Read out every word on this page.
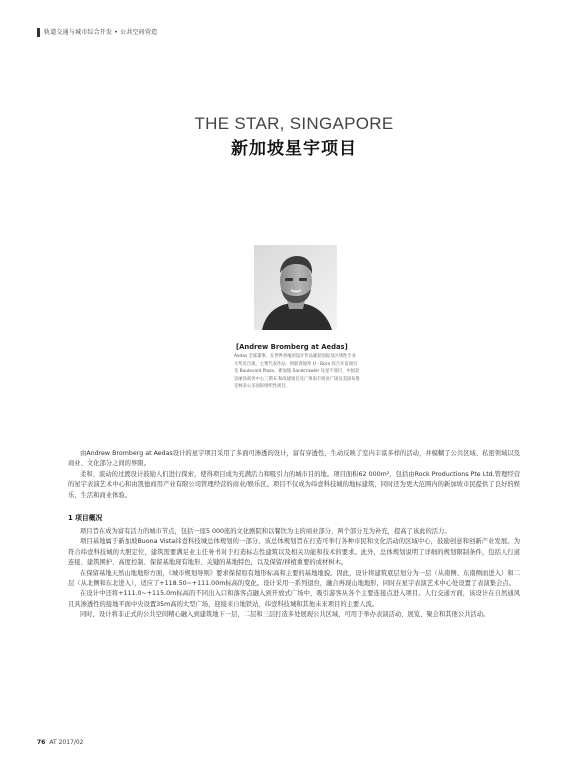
轨道交通与城市综合开发 • 公共空间营造
THE STAR, SINGAPORE
新加坡星宇项目
[Andrew Bromberg at Aedas]
Aedas 全球董事。在世界各地的设计作品屡获国际及区域性专业大奖近百项。主要代表作品：阿联酋迪拜 U - Bora 综合开发项目及 Boulevard Plaza、新加坡 Sandcrawler 及星宇项目、中国北京丽泽商务中心三期 E 和改建项目及广州南丰商业广场及美国布鲁克林多公多国际组织性项目。

由Andrew Bromberg at Aedas设计的星宇项目采用了多面可渗透的设计，富有穿透性，生动反映了室内丰富多样的活动，并模糊了公共区域、私密领域以及商业、文化部分之间的界限。

柔和、流动的过渡设计鼓励人们进行探索，使得项目成为充满活力和吸引力的城市目的地。项目面积62 000m²，包括由Rock Productions Pte Ltd.管理经营的星宇表演艺术中心和由凯德商用产业有限公司管理经营的商业/娱乐区。项目不仅成为纬壹科技城的地标建筑，同时还为更大范围内的新加坡市民提供了良好的娱乐、生活和商业体验。

1 项目概况

项目旨在成为富有活力的城市节点，包括一座5 000座的文化剧院和以餐饮为主的商业部分，两个部分互为补充，提高了该此的活力。

项目基地属于新加坡Buona Vista纬壹科技城总体规划的一部分。该总体规划旨在打造可举行各种市民和文化活动的区域中心，鼓励创意和创新产业发展。为符合纬壹科技城的大胆定位，建筑需要满足业主任务书对于打造标志性建筑以及相关功能和技术的要求。此外，总体规划说明了详细的规划限制条件，包括人行道连接、建筑围护、高度控制、保留基地现有地形、关键的基地特色，以及保留/移植重要的成材树木。

在保留基地天然山地地形方面，《城市规划导则》要求保留原有地形标高和主要的基地地貌。因此，设计将建筑底层划分为一层（从南侧、东南侧而进入）和二层（从北侧和东北进入），适应了+118.50~+111.00m标高的变化。设计采用一系列退台，融合再现山地地形，同时在星宇表演艺术中心处设置了表演集会点。

在设计中还将+111.0~+115.0m标高的不同出入口和落客点融入到开放式广场中，吸引游客从各个主要连接点进入项目。人行交通方面，该设计在自然通风且具渗透性的接地平面中央设置35m高的大型广场，迎接来自地铁站、纬壹科技城和其他未来项目的主要人流。

同时，设计将非正式的公共空间精心融入到建筑地下一层，二层和三层打造多处展现公共区域，可用于举办表演活动、展览、聚会和其他公共活动。

76 AT 2017/02
